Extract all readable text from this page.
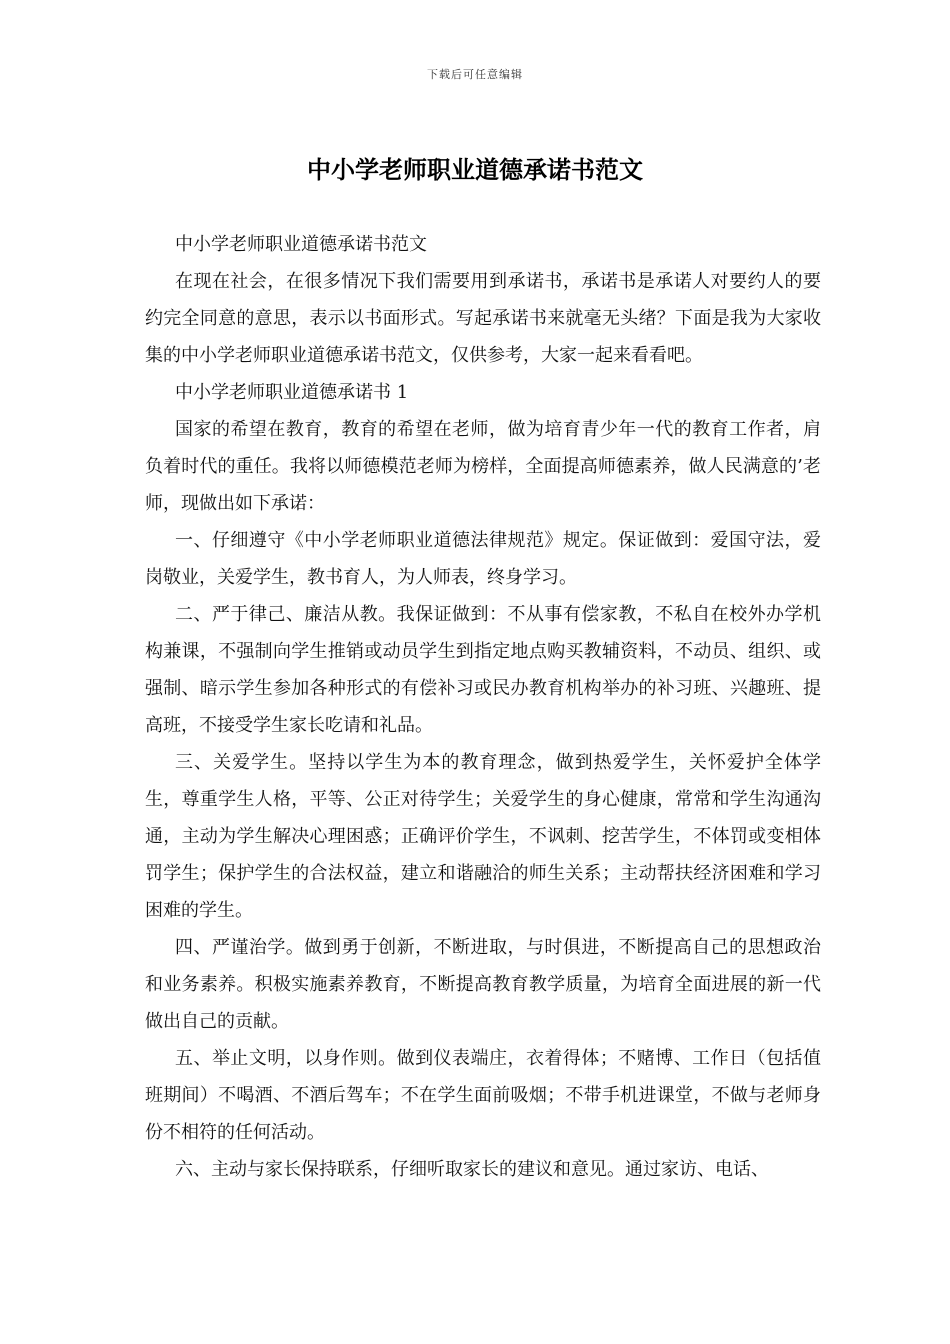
下载后可任意编辑
中小学老师职业道德承诺书范文

中小学老师职业道德承诺书范文

在现在社会，在很多情况下我们需要用到承诺书，承诺书是承诺人对要约人的要约完全同意的意思，表示以书面形式。写起承诺书来就毫无头绪？下面是我为大家收集的中小学老师职业道德承诺书范文，仅供参考，大家一起来看看吧。

中小学老师职业道德承诺书 1

国家的希望在教育，教育的希望在老师，做为培育青少年一代的教育工作者，肩负着时代的重任。我将以师德模范老师为榜样，全面提高师德素养，做人民满意的’老师，现做出如下承诺：

一、仔细遵守《中小学老师职业道德法律规范》规定。保证做到：爱国守法，爱岗敬业，关爱学生，教书育人，为人师表，终身学习。

二、严于律己、廉洁从教。我保证做到：不从事有偿家教，不私自在校外办学机构兼课，不强制向学生推销或动员学生到指定地点购买教辅资料，不动员、组织、或强制、暗示学生参加各种形式的有偿补习或民办教育机构举办的补习班、兴趣班、提高班，不接受学生家长吃请和礼品。

三、关爱学生。坚持以学生为本的教育理念，做到热爱学生，关怀爱护全体学生，尊重学生人格，平等、公正对待学生；关爱学生的身心健康，常常和学生沟通沟通，主动为学生解决心理困惑；正确评价学生，不讽刺、挖苦学生，不体罚或变相体罚学生；保护学生的合法权益，建立和谐融洽的师生关系；主动帮扶经济困难和学习困难的学生。

四、严谨治学。做到勇于创新，不断进取，与时俱进，不断提高自己的思想政治和业务素养。积极实施素养教育，不断提高教育教学质量，为培育全面进展的新一代做出自己的贡献。

五、举止文明，以身作则。做到仪表端庄，衣着得体；不赌博、工作日（包括值班期间）不喝酒、不酒后驾车；不在学生面前吸烟；不带手机进课堂，不做与老师身份不相符的任何活动。

六、主动与家长保持联系，仔细听取家长的建议和意见。通过家访、电话、
